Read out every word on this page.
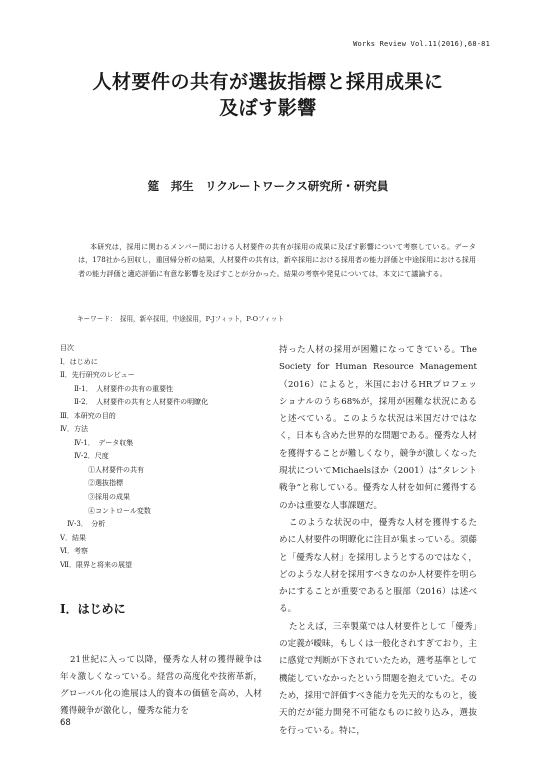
Works Review Vol.11(2016),68-81
人材要件の共有が選抜指標と採用成果に
及ぼす影響
筵　邦生　リクルートワークス研究所・研究員
本研究は，採用に関わるメンバー間における人材要件の共有が採用の成果に及ぼす影響について考察している。データは，178社から回収し，重回帰分析の結果，人材要件の共有は，新卒採用における採用者の能力評価と中途採用における採用者の能力評価と適応評価に有意な影響を及ぼすことが分かった。結果の考察や発見については，本文にて議論する。
キーワード：　採用，新卒採用，中途採用，P-Jフィット，P-Oフィット
目次
Ⅰ．はじめに
Ⅱ．先行研究のレビュー
　　Ⅱ-1．　人材要件の共有の重要性
　　Ⅱ-2．　人材要件の共有と人材要件の明瞭化
Ⅲ．本研究の目的
Ⅳ．方法
　　Ⅳ-1．　データ収集
　　Ⅳ-2．尺度
　　　　①人材要件の共有
　　　　②選抜指標
　　　　③採用の成果
　　　　④コントロール変数
　Ⅳ-3．　分析
Ⅴ．結果
Ⅵ．考察
Ⅶ．限界と将来の展望
Ⅰ．はじめに
21世紀に入って以降，優秀な人材の獲得競争は年々激しくなっている。経営の高度化や技術革新，グローバル化の進展は人的資本の価値を高め，人材獲得競争が激化し，優秀な能力を

持った人材の採用が困難になってきている。The Society for Human Resource Management（2016）によると，米国におけるHRプロフェッショナルのうち68%が，採用が困難な状況にあると述べている。このような状況は米国だけではなく，日本も含めた世界的な問題である。優秀な人材を獲得することが難しくなり，競争が激しくなった現状についてMichaelsほか（2001）は“タレント戦争”と称している。優秀な人材を如何に獲得するのかは重要な人事課題だ。

このような状況の中，優秀な人材を獲得するために人材要件の明瞭化に注目が集まっている。須藤と「優秀な人材」を採用しようとするのではなく，どのような人材を採用すべきなのか人材要件を明らかにすることが重要であると服部（2016）は述べる。

たとえば，三幸製菓では人材要件として「優秀」の定義が曖昧，もしくは一般化されすぎており，主に感覚で判断が下されていたため，選考基準として機能していなかったという問題を抱えていた。そのため，採用で評価すべき能力を先天的なものと，後天的だが能力開発不可能なものに絞り込み，選抜を行っている。特に，

68
